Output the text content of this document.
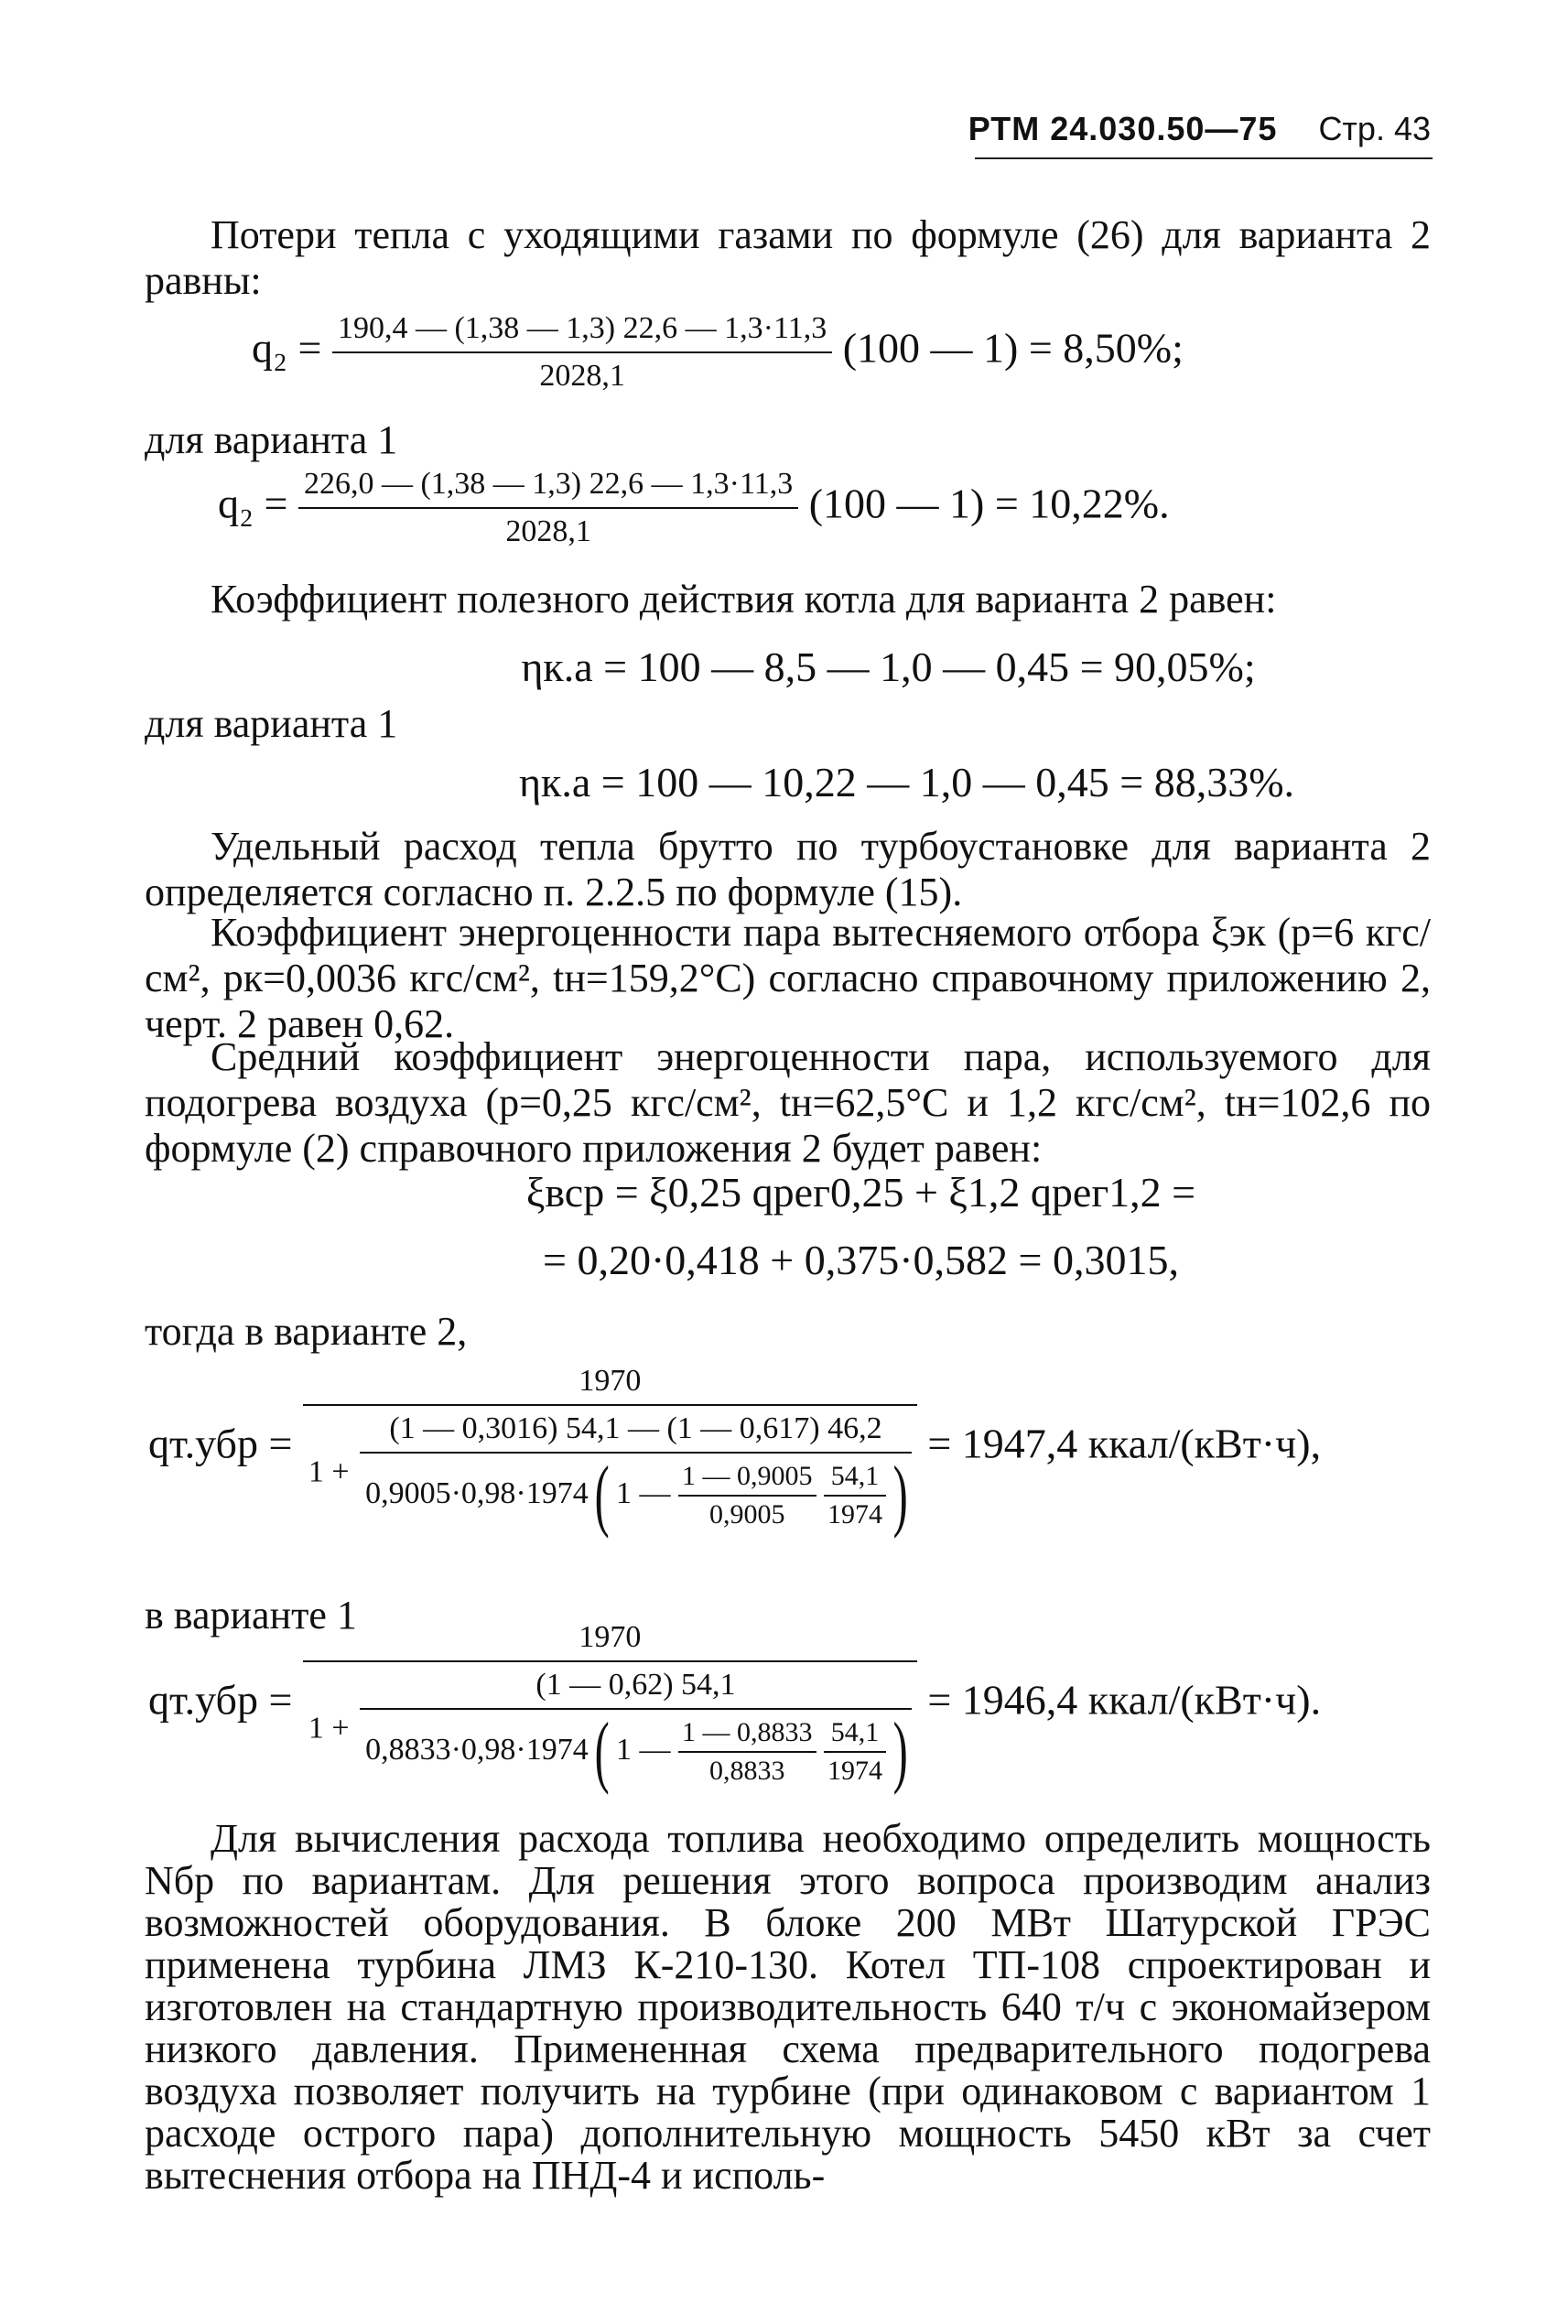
РТМ 24.030.50—75 Стр. 43
Потери тепла с уходящими газами по формуле (26) для варианта 2 равны:
$q_2 = \frac{190,4 — (1,38 — 1,3) 22,6 — 1,3\cdot 11,3}{2028,1} (100$ — 1) = 8,50%;
для варианта 1
$q_2 = \frac{226,0 — (1,38 — 1,3) 22,6 — 1,3\cdot 11,3}{2028,1} (100$ — 1) = 10,22%.
Коэффициент полезного действия котла для варианта 2 равен:
ηк.а = 100 — 8,5 — 1,0 — 0,45 = 90,05%;
для варианта 1
ηк.а = 100 — 10,22 — 1,0 — 0,45 = 88,33%.
Удельный расход тепла брутто по турбоустановке для варианта 2 определяется согласно п. 2.2.5 по формуле (15).
Коэффициент энергоценности пара вытесняемого отбора ξэк (p=6 кгс/см², pк=0,0036 кгс/см², tн=159,2°С) согласно справочному приложению 2, черт. 2 равен 0,62.
Средний коэффициент энергоценности пара, используемого для подогрева воздуха (p=0,25 кгс/см², tн=62,5°С и 1,2 кгс/см², tн=102,6 по формуле (2) справочного приложения 2 будет равен:
ξвср = ξ0,25 qрег0,25 + ξ1,2 qрег1,2 =
= 0,20·0,418 + 0,375·0,582 = 0,3015,
тогда в варианте 2,
qт.убр =
1970
1 +
(1 — 0,3016) 54,1 — (1 — 0,617) 46,2
0,9005·0,98·1974 ( 1 — $\frac{1 — 0,9005}{0,9005}$
$\frac{54,1}{1974}$ )
= 1947,4 ккал/(кВт·ч),
в варианте 1
qт.убр =
1970
1 +
(1 — 0,62) 54,1
0,8833·0,98·1974 ( 1 — $\frac{1 — 0,8833}{0,8833}$
$\frac{54,1}{1974}$ )
= 1946,4 ккал/(кВт·ч).
Для вычисления расхода топлива необходимо определить мощность Nбр по вариантам. Для решения этого вопроса производим анализ возможностей оборудования. В блоке 200 МВт Шатурской ГРЭС применена турбина ЛМЗ К-210-130. Котел ТП-108 спроектирован и изготовлен на стандартную производительность 640 т/ч с экономайзером низкого давления. Примененная схема предварительного подогрева воздуха позволяет получить на турбине (при одинаковом с вариантом 1 расходе острого пара) дополнительную мощность 5450 кВт за счет вытеснения отбора на ПНД-4 и исполь-
